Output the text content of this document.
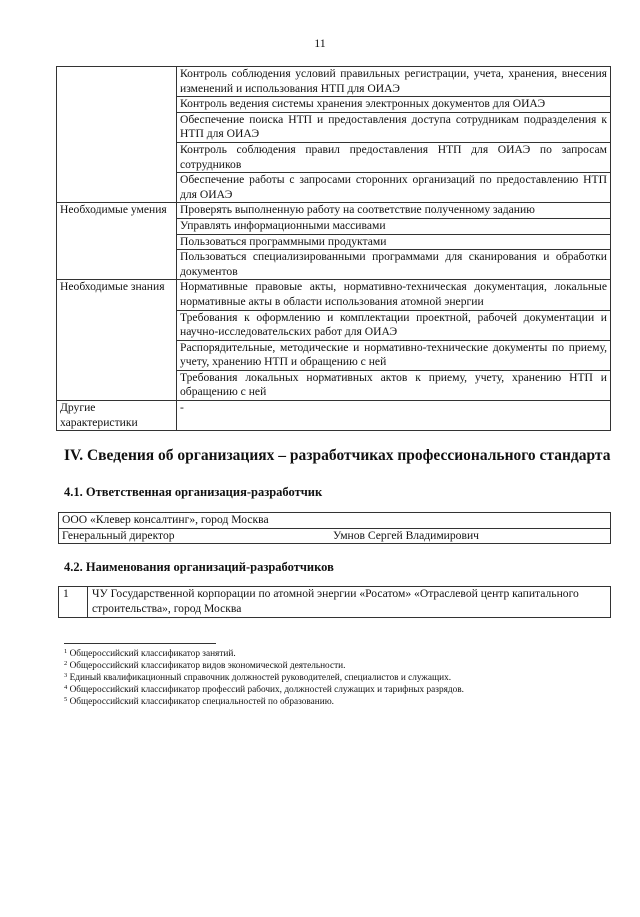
11
	Контроль соблюдения условий правильных регистрации, учета, хранения, внесения изменений и использования НТП для ОИАЭ
	Контроль ведения системы хранения электронных документов для ОИАЭ
	Обеспечение поиска НТП и предоставления доступа сотрудникам подразделения к НТП для ОИАЭ
	Контроль соблюдения правил предоставления НТП для ОИАЭ по запросам сотрудников
	Обеспечение работы с запросами сторонних организаций по предоставлению НТП для ОИАЭ
Необходимые умения	Проверять выполненную работу на соответствие полученному заданию
	Управлять информационными массивами
	Пользоваться программными продуктами
	Пользоваться специализированными программами для сканирования и обработки документов
Необходимые знания	Нормативные правовые акты, нормативно-техническая документация, локальные нормативные акты в области использования атомной энергии
	Требования к оформлению и комплектации проектной, рабочей документации и научно-исследовательских работ для ОИАЭ
	Распорядительные, методические и нормативно-технические документы по приему, учету, хранению НТП и обращению с ней
	Требования локальных нормативных актов к приему, учету, хранению НТП и обращению с ней
Другие характеристики	-
IV. Сведения об организациях – разработчиках профессионального стандарта
4.1. Ответственная организация-разработчик
ООО «Клевер консалтинг», город Москва
Генеральный директор	Умнов Сергей Владимирович
4.2. Наименования организаций-разработчиков
1	ЧУ Государственной корпорации по атомной энергии «Росатом» «Отраслевой центр капитального строительства», город Москва
$^1$ Общероссийский классификатор занятий.
$^2$ Общероссийский классификатор видов экономической деятельности.
$^3$ Единый квалификационный справочник должностей руководителей, специалистов и служащих.
$^4$ Общероссийский классификатор профессий рабочих, должностей служащих и тарифных разрядов.
$^5$ Общероссийский классификатор специальностей по образованию.
